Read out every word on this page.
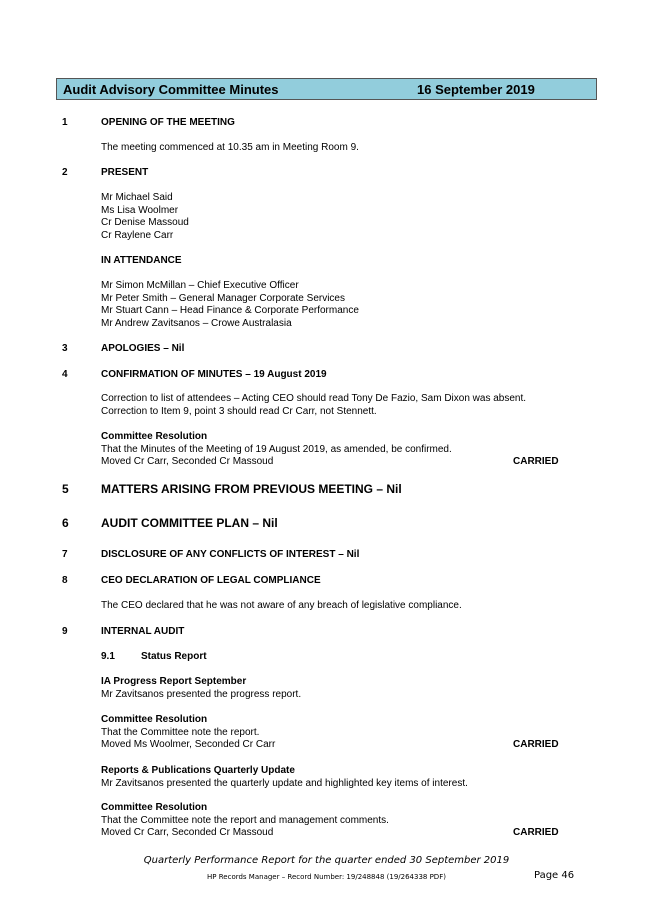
Audit Advisory Committee Minutes	16 September 2019
1	OPENING OF THE MEETING
The meeting commenced at 10.35 am in Meeting Room 9.
2	PRESENT
Mr Michael Said
Ms Lisa Woolmer
Cr Denise Massoud
Cr Raylene Carr
IN ATTENDANCE
Mr Simon McMillan – Chief Executive Officer
Mr Peter Smith – General Manager Corporate Services
Mr Stuart Cann – Head Finance & Corporate Performance
Mr Andrew Zavitsanos – Crowe Australasia
3	APOLOGIES – Nil
4	CONFIRMATION OF MINUTES – 19 August 2019
Correction to list of attendees – Acting CEO should read Tony De Fazio, Sam Dixon was absent.
Correction to Item 9, point 3 should read Cr Carr, not Stennett.
Committee Resolution
That the Minutes of the Meeting of 19 August 2019, as amended, be confirmed.
Moved Cr Carr, Seconded Cr Massoud	CARRIED
5	MATTERS ARISING FROM PREVIOUS MEETING – Nil
6	AUDIT COMMITTEE PLAN – Nil
7	DISCLOSURE OF ANY CONFLICTS OF INTEREST – Nil
8	CEO DECLARATION OF LEGAL COMPLIANCE
The CEO declared that he was not aware of any breach of legislative compliance.
9	INTERNAL AUDIT
9.1	Status Report
IA Progress Report September
Mr Zavitsanos presented the progress report.
Committee Resolution
That the Committee note the report.
Moved Ms Woolmer, Seconded Cr Carr	CARRIED
Reports & Publications Quarterly Update
Mr Zavitsanos presented the quarterly update and highlighted key items of interest.
Committee Resolution
That the Committee note the report and management comments.
Moved Cr Carr, Seconded Cr Massoud	CARRIED
Quarterly Performance Report for the quarter ended 30 September 2019
HP Records Manager – Record Number: 19/248848 (19/264338 PDF)	Page 46
